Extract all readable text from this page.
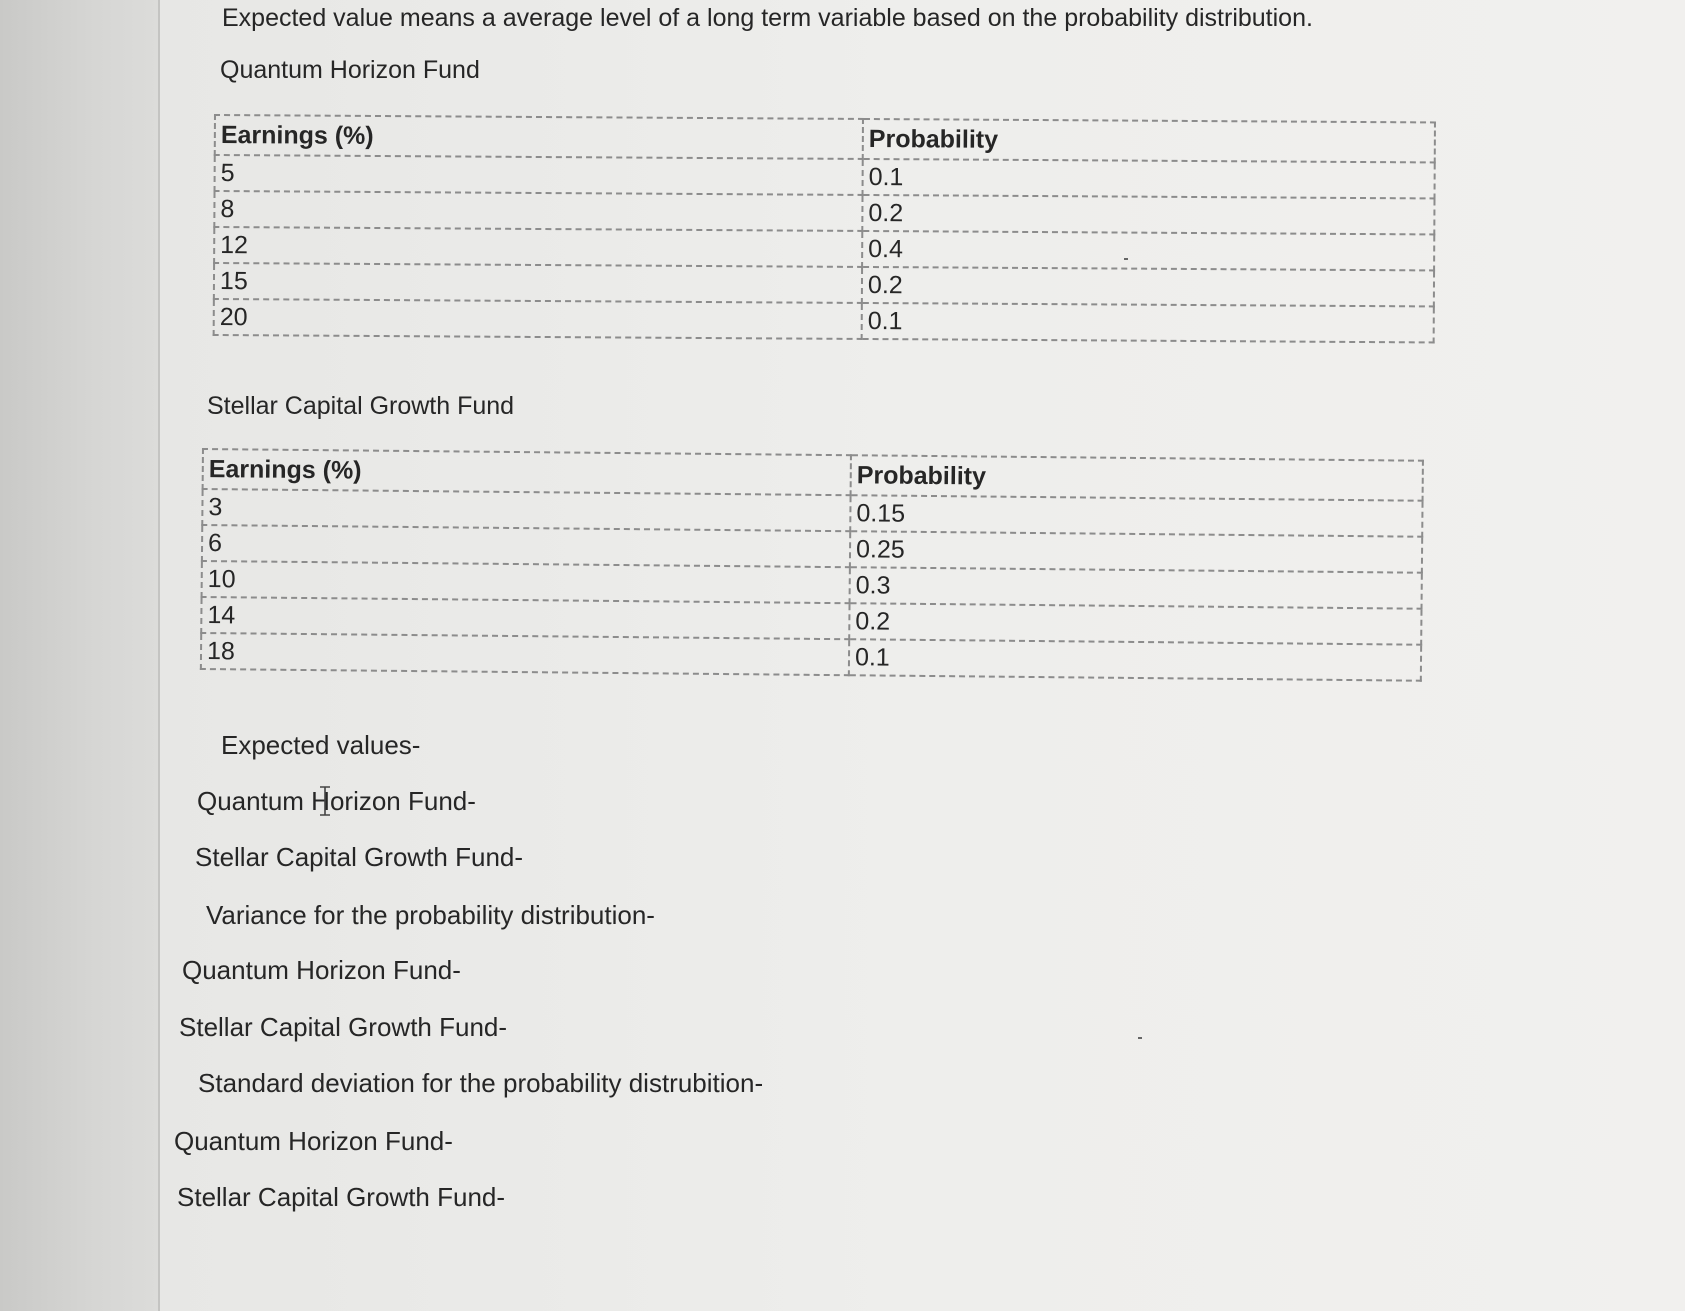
Expected value means a average level of a long term variable based on the probability distribution.
Quantum Horizon Fund
Earnings (%)	Probability
5	0.1
8	0.2
12	0.4
15	0.2
20	0.1
Stellar Capital Growth Fund
Earnings (%)	Probability
3	0.15
6	0.25
10	0.3
14	0.2
18	0.1
Expected values-
Quantum Horizon Fund-
Stellar Capital Growth Fund-
Variance for the probability distribution-
Quantum Horizon Fund-
Stellar Capital Growth Fund-
Standard deviation for the probability distrubition-
Quantum Horizon Fund-
Stellar Capital Growth Fund-
